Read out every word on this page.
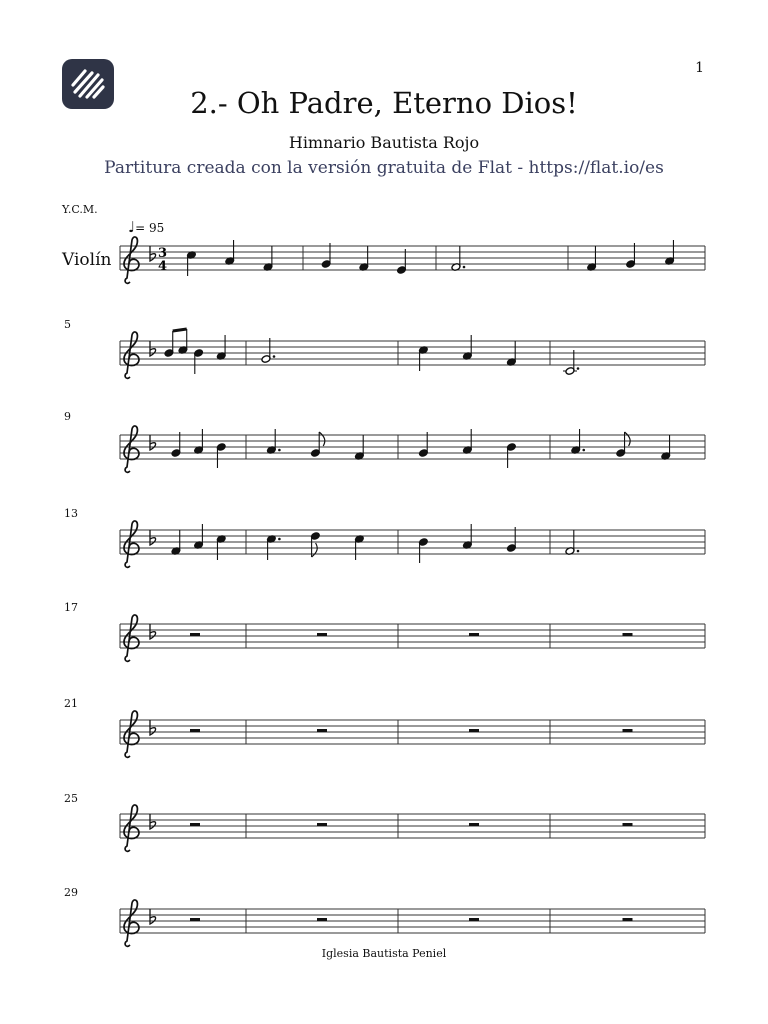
1
2.- Oh Padre, Eterno Dios!
Himnario Bautista Rojo
Partitura creada con la versión gratuita de Flat - https://flat.io/es
Y.C.M.
♩= 95
Violín
5
9
13
17
21
25
29
3
4
Iglesia Bautista Peniel
